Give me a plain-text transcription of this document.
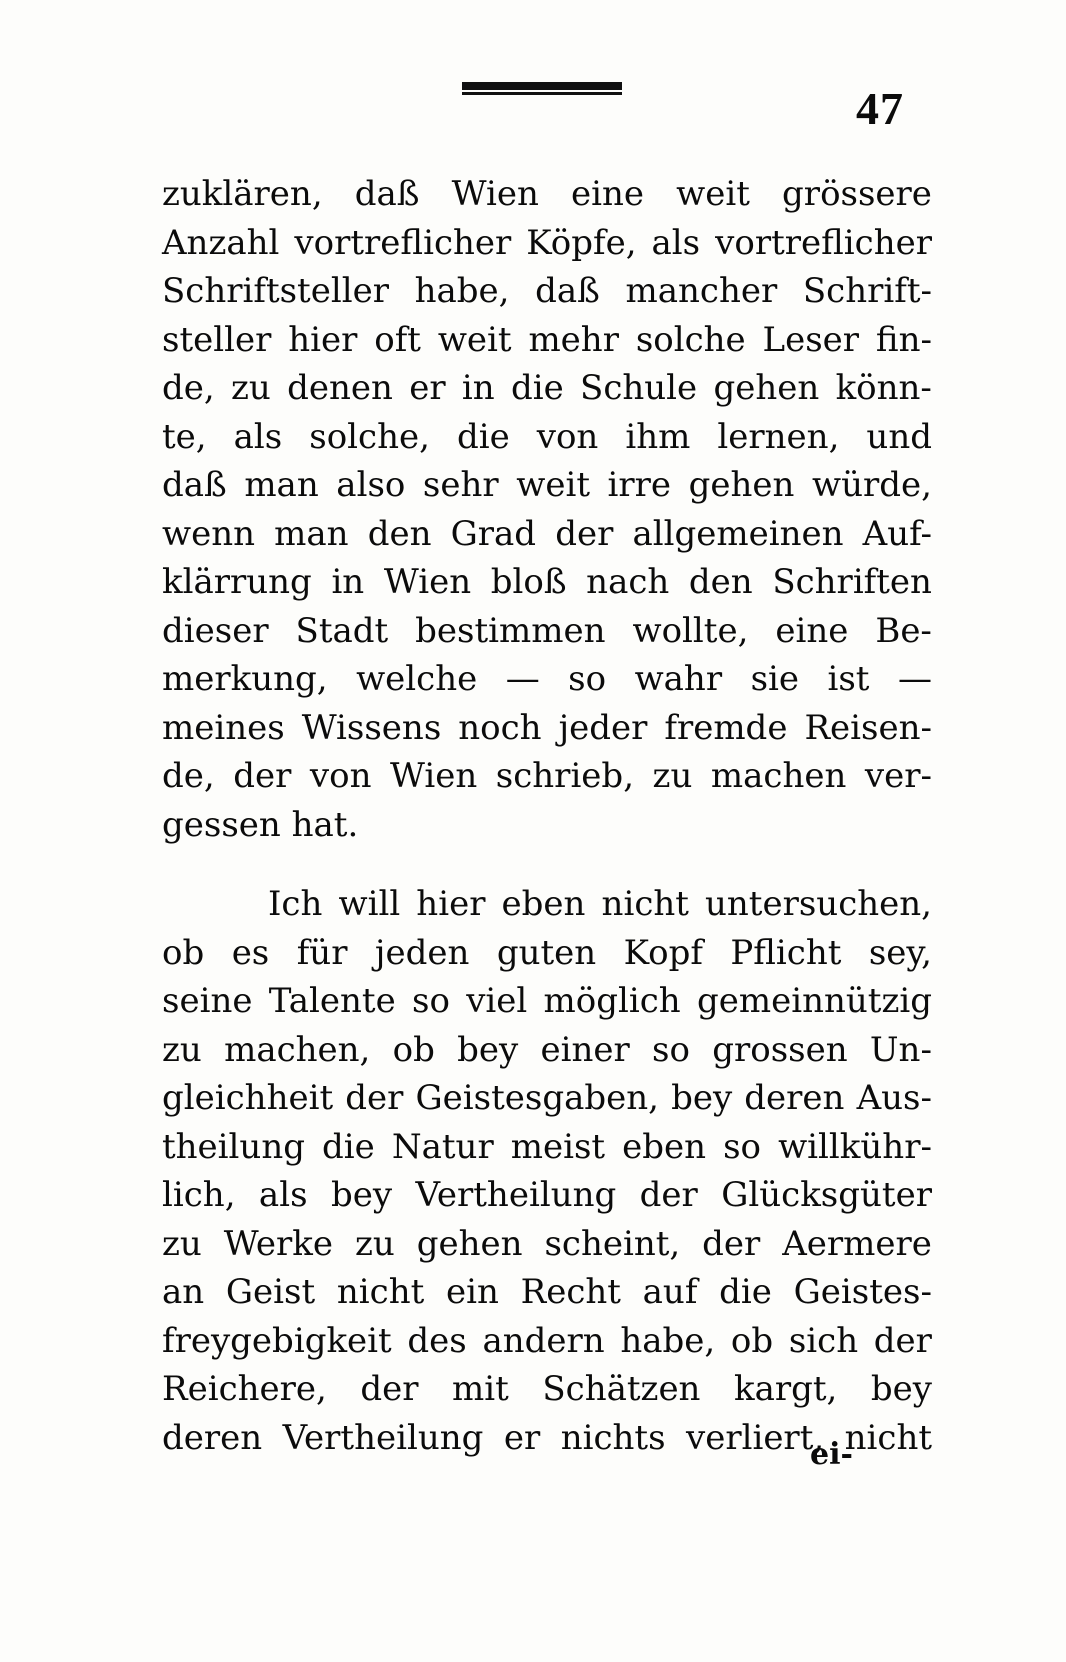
47
zuklären, daß Wien eine weit grössere
Anzahl vortreflicher Köpfe, als vortreflicher
Schriftsteller habe, daß mancher Schrift-
steller hier oft weit mehr solche Leser fin-
de, zu denen er in die Schule gehen könn-
te, als solche, die von ihm lernen, und
daß man also sehr weit irre gehen würde,
wenn man den Grad der allgemeinen Auf-
klärrung in Wien bloß nach den Schriften
dieser Stadt bestimmen wollte, eine Be-
merkung, welche — so wahr sie ist —
meines Wissens noch jeder fremde Reisen-
de, der von Wien schrieb, zu machen ver-
gessen hat.
Ich will hier eben nicht untersuchen,
ob es für jeden guten Kopf Pflicht sey,
seine Talente so viel möglich gemeinnützig
zu machen, ob bey einer so grossen Un-
gleichheit der Geistesgaben, bey deren Aus-
theilung die Natur meist eben so willkühr-
lich, als bey Vertheilung der Glücksgüter
zu Werke zu gehen scheint, der Aermere
an Geist nicht ein Recht auf die Geistes-
freygebigkeit des andern habe, ob sich der
Reichere, der mit Schätzen kargt, bey
deren Vertheilung er nichts verliert, nicht
ei-
